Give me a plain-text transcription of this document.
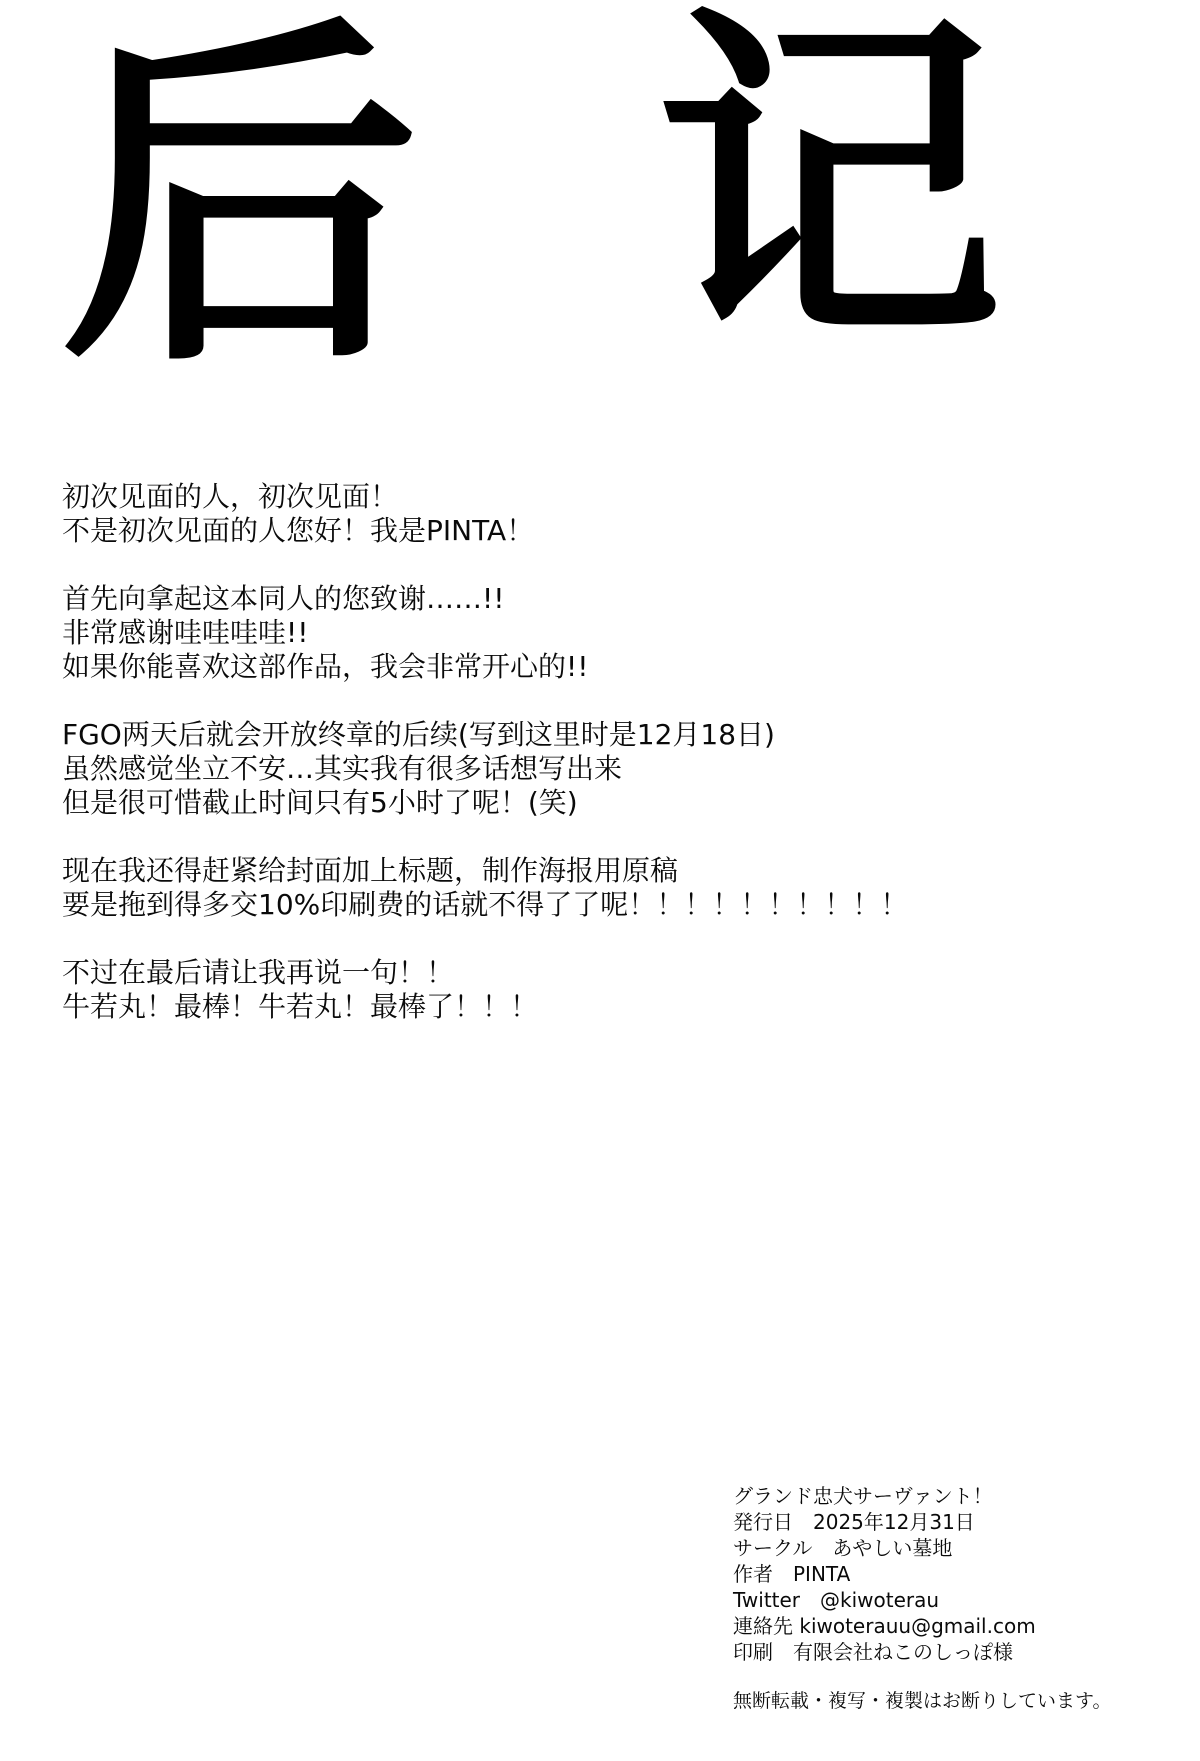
后 记
初次见面的人，初次见面！
不是初次见面的人您好！我是PINTA！
首先向拿起这本同人的您致谢……!!
非常感谢哇哇哇哇!!
如果你能喜欢这部作品，我会非常开心的!!
FGO两天后就会开放终章的后续(写到这里时是12月18日)
虽然感觉坐立不安…其实我有很多话想写出来
但是很可惜截止时间只有5小时了呢！(笑)
现在我还得赶紧给封面加上标题，制作海报用原稿
要是拖到得多交10%印刷费的话就不得了了呢！！！！！！！！！！
不过在最后请让我再说一句！！
牛若丸！最棒！牛若丸！最棒了！！！
グランド忠犬サーヴァント！
発行日　2025年12月31日
サークル　あやしい墓地
作者　PINTA
Twitter　@kiwoterau
連絡先 kiwoterauu@gmail.com
印刷　有限会社ねこのしっぽ様
無断転載・複写・複製はお断りしています。
